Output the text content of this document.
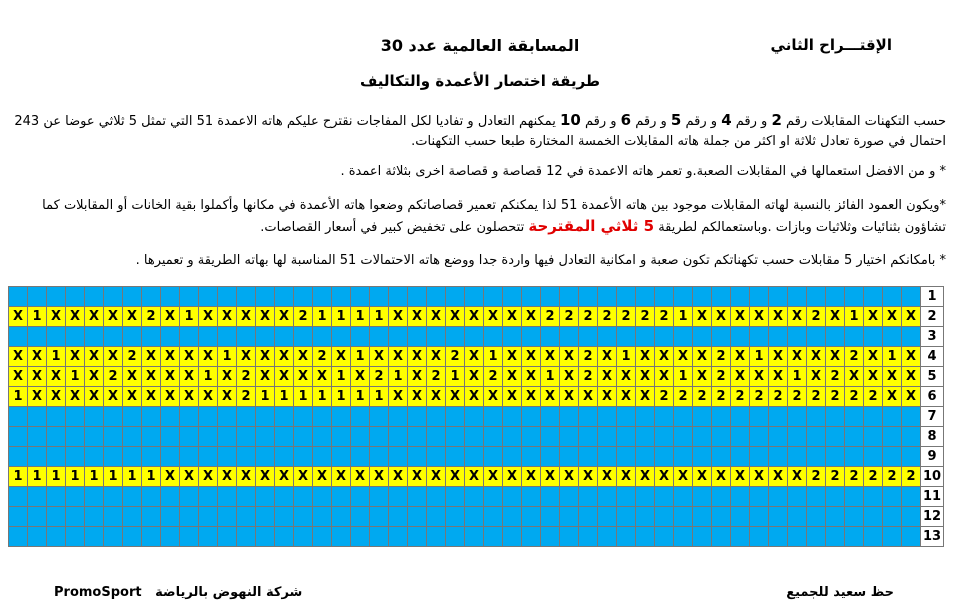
الإقتـــراح الثاني
المسابقة العالمية عدد 30
طريقة اختصار الأعمدة والتكاليف
حسب التكهنات المقابلات رقم 2 و رقم 4 و رقم 5 و رقم 6 و رقم 10 يمكنهم التعادل و تفاديا لكل المفاجات نقترح عليكم هاته الاعمدة 51 التي تمثل 5 ثلاثي عوضا عن 243 احتمال في صورة تعادل ثلاثة او اكثر من جملة هاته المقابلات الخمسة المختارة طبعا حسب التكهنات.
* و من الافضل استعمالها في المقابلات الصعبة.و تعمر هاته الاعمدة في 12 قصاصة و قصاصة اخرى بثلاثة اعمدة .
*ويكون العمود الفائز بالنسبة لهاته المقابلات موجود بين هاته الأعمدة 51 لذا يمكنكم تعمير قصاصاتكم وضعوا هاته الأعمدة في مكانها وأكملوا بقية الخانات أو المقابلات كما تشاؤون بثنائيات وثلاثيات وبازات .وباستعمالكم لطريقة 5 ثلاثي المقترحة تتحصلون على تخفيض كبير في أسعار القصاصات.
* بامكانكم اختيار 5 مقابلات حسب تكهناتكم تكون صعبة و امكانية التعادل فيها واردة جدا ووضع هاته الاحتمالات 51 المناسبة لها بهاته الطريقة و تعميرها .
																																																1
X	1	X	X	X	X	X	2	X	1	X	X	X	X	X	2	1	1	1	1	X	X	X	X	X	X	X	X	2	2	2	2	2	2	2	1	X	X	X	X	X	X	2	X	1	X	X	X	2
																																																3
X	X	1	X	X	X	2	X	X	X	X	1	X	X	X	X	2	X	1	X	X	X	X	2	X	1	X	X	X	X	2	X	1	X	X	X	X	2	X	1	X	X	X	X	2	X	1	X	4
X	X	X	1	X	2	X	X	X	X	1	X	2	X	X	X	X	1	X	2	1	X	2	1	X	2	X	X	1	X	2	X	X	X	X	1	X	2	X	X	X	1	X	2	X	X	X	X	5
1	X	X	X	X	X	X	X	X	X	X	X	2	1	1	1	1	1	1	1	X	X	X	X	X	X	X	X	X	X	X	X	X	X	2	2	2	2	2	2	2	2	2	2	2	2	X	X	6
																																																7
																																																8
																																																9
1	1	1	1	1	1	1	1	X	X	X	X	X	X	X	X	X	X	X	X	X	X	X	X	X	X	X	X	X	X	X	X	X	X	X	X	X	X	X	X	X	X	2	2	2	2	2	2	10
																																																11
																																																12
																																																13
حظ سعيد للجميع
PromoSport شركة النهوض بالرياضة
